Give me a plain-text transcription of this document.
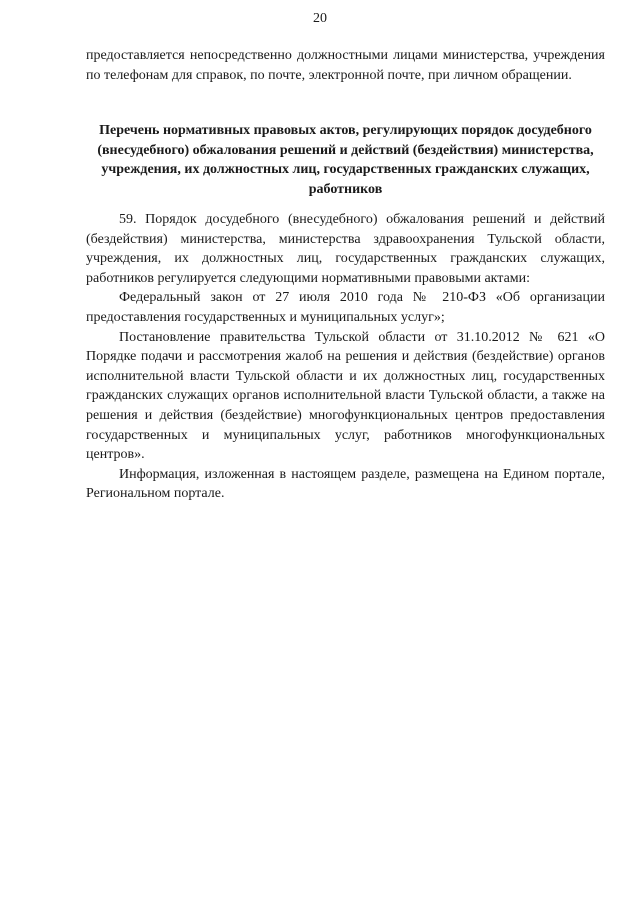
20

предоставляется непосредственно должностными лицами министерства, учреждения по телефонам для справок, по почте, электронной почте, при личном обращении.

Перечень нормативных правовых актов, регулирующих порядок досудебного (внесудебного) обжалования решений и действий (бездействия) министерства, учреждения, их должностных лиц, государственных гражданских служащих, работников

59. Порядок досудебного (внесудебного) обжалования решений и действий (бездействия) министерства, министерства здравоохранения Тульской области, учреждения, их должностных лиц, государственных гражданских служащих, работников регулируется следующими нормативными правовыми актами:

Федеральный закон от 27 июля 2010 года № 210-ФЗ «Об организации предоставления государственных и муниципальных услуг»;

Постановление правительства Тульской области от 31.10.2012 № 621 «О Порядке подачи и рассмотрения жалоб на решения и действия (бездействие) органов исполнительной власти Тульской области и их должностных лиц, государственных гражданских служащих органов исполнительной власти Тульской области, а также на решения и действия (бездействие) многофункциональных центров предоставления государственных и муниципальных услуг, работников многофункциональных центров».

Информация, изложенная в настоящем разделе, размещена на Едином портале, Региональном портале.
